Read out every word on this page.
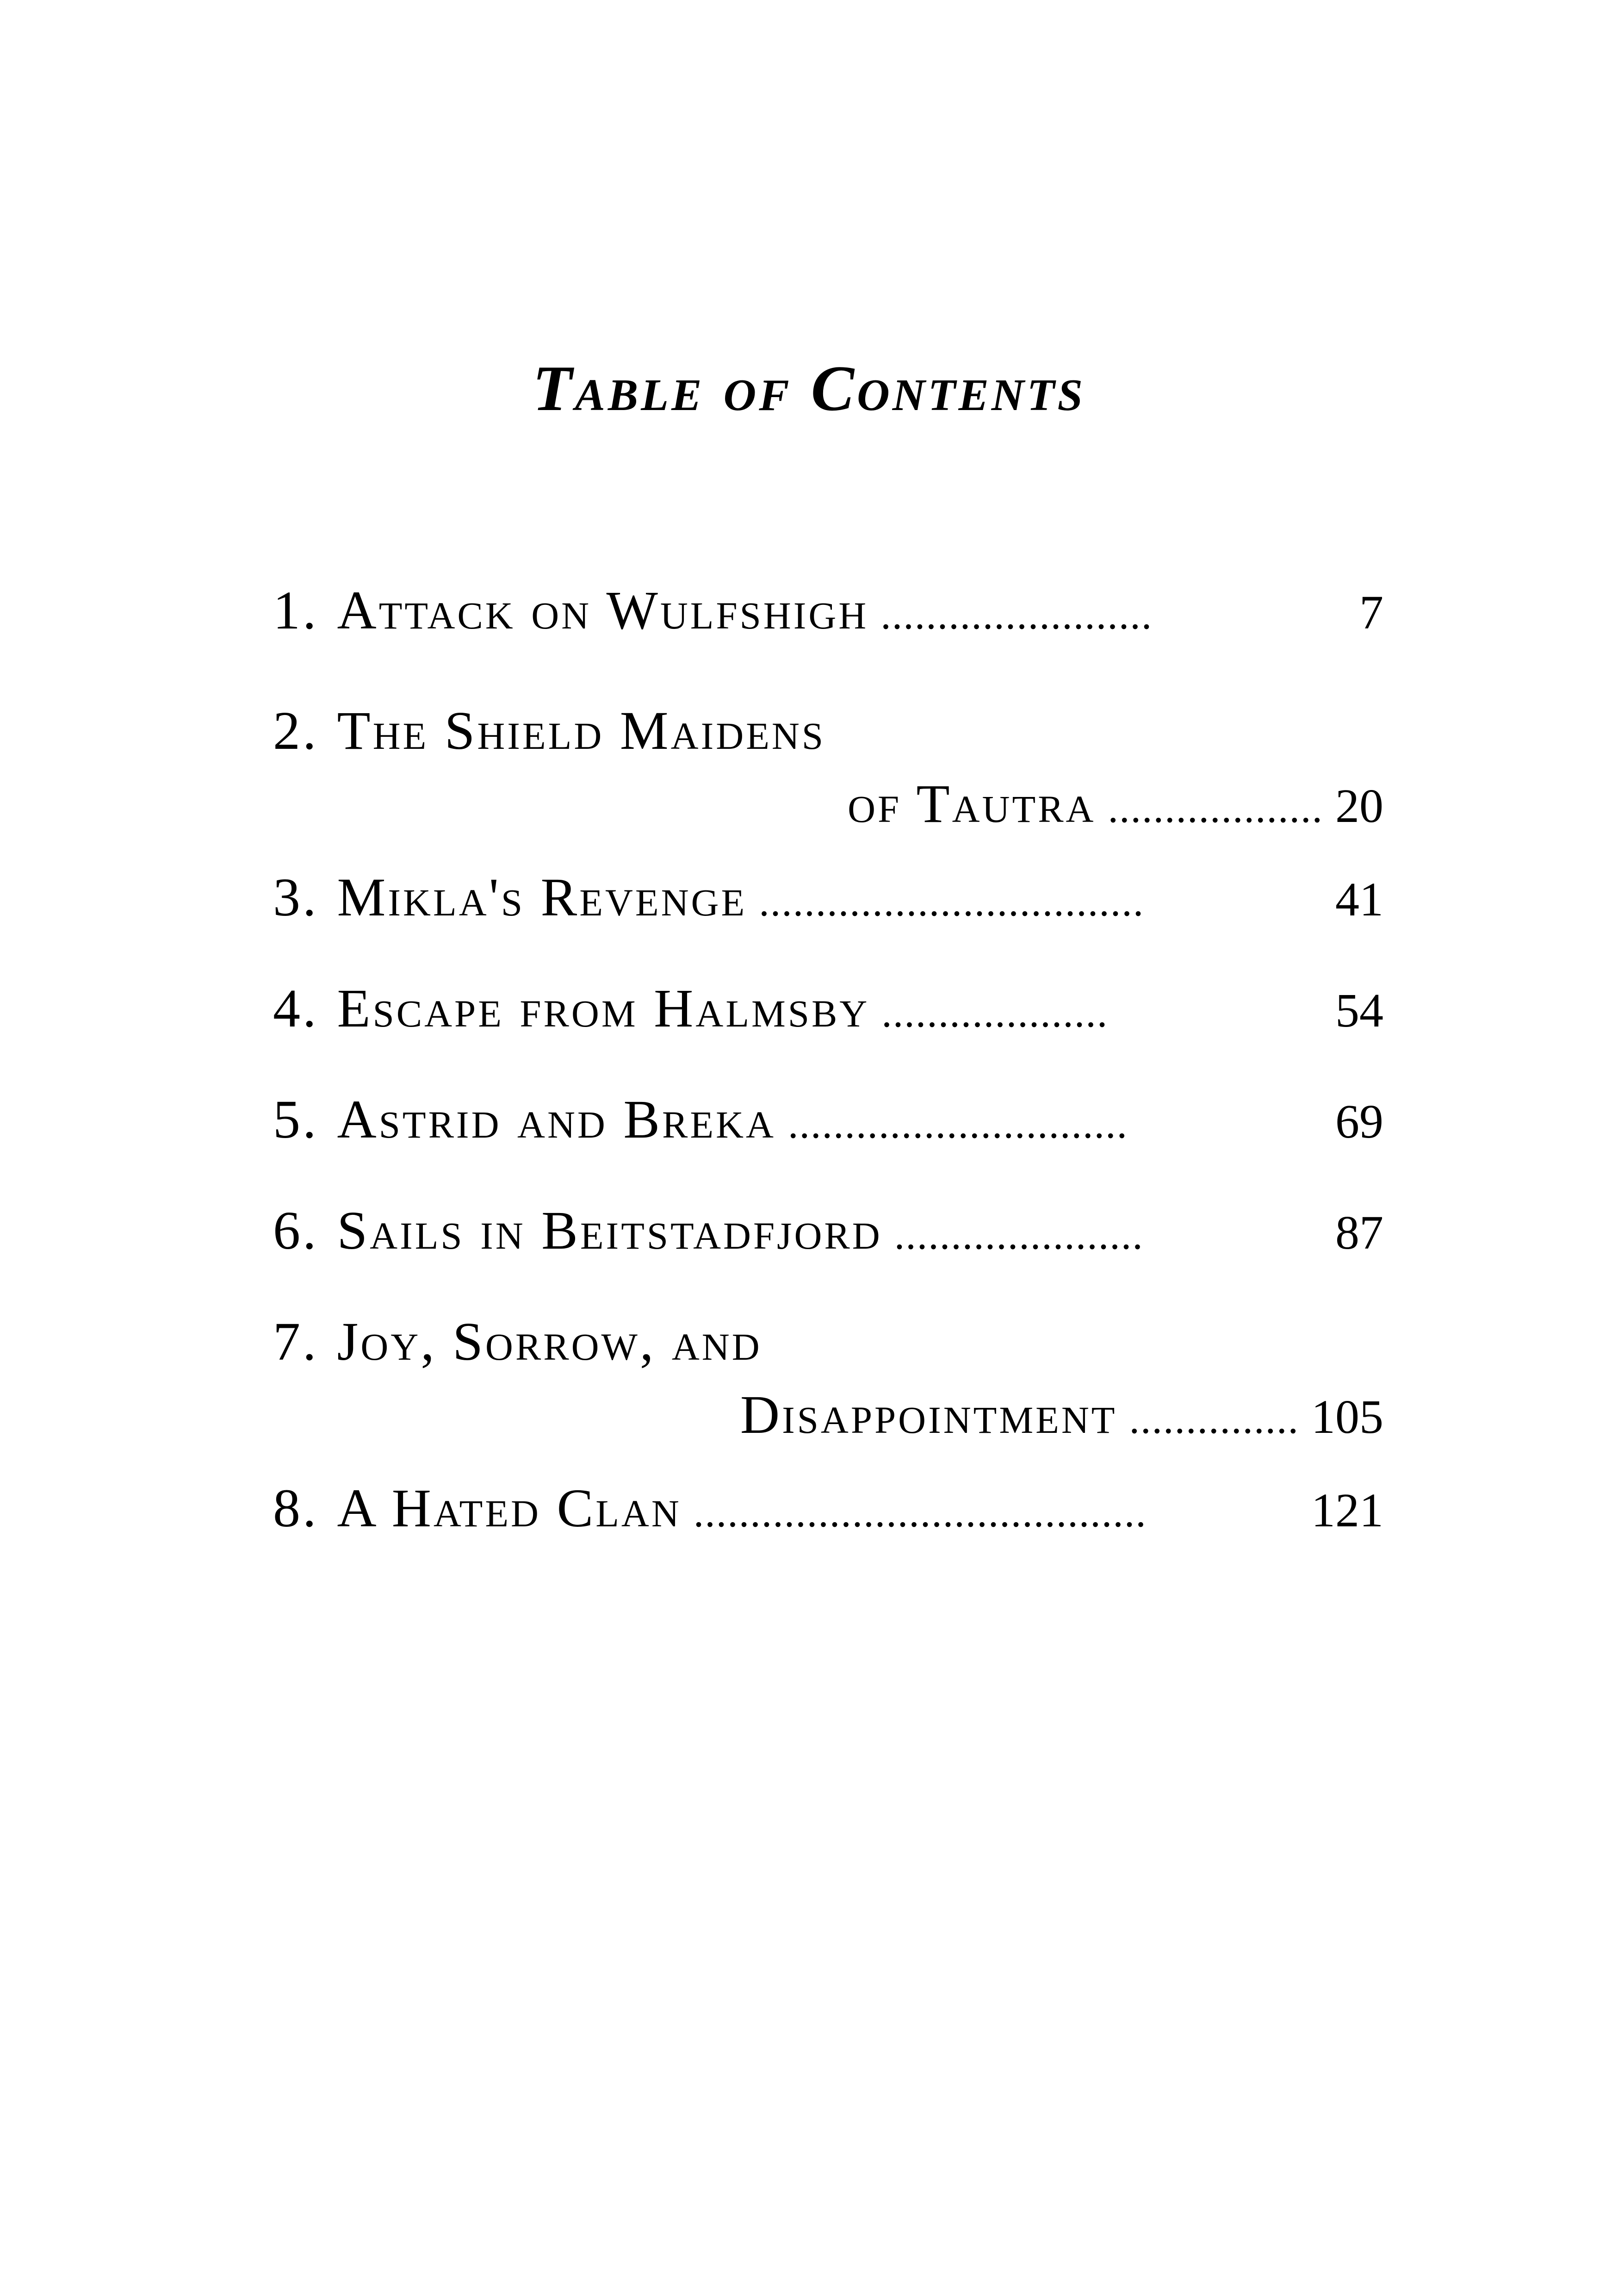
Table of Contents
1. Attack on Wulfshigh ........................	7
2. The Shield Maidens
of Tautra ................... 20
3. Mikla's Revenge ..................................	41
4. Escape from Halmsby ....................	54
5. Astrid and Breka ..............................	69
6. Sails in Beitstadfjord ......................	87
7. Joy, Sorrow, and
Disappointment ............... 105
8. A Hated Clan ........................................	121
